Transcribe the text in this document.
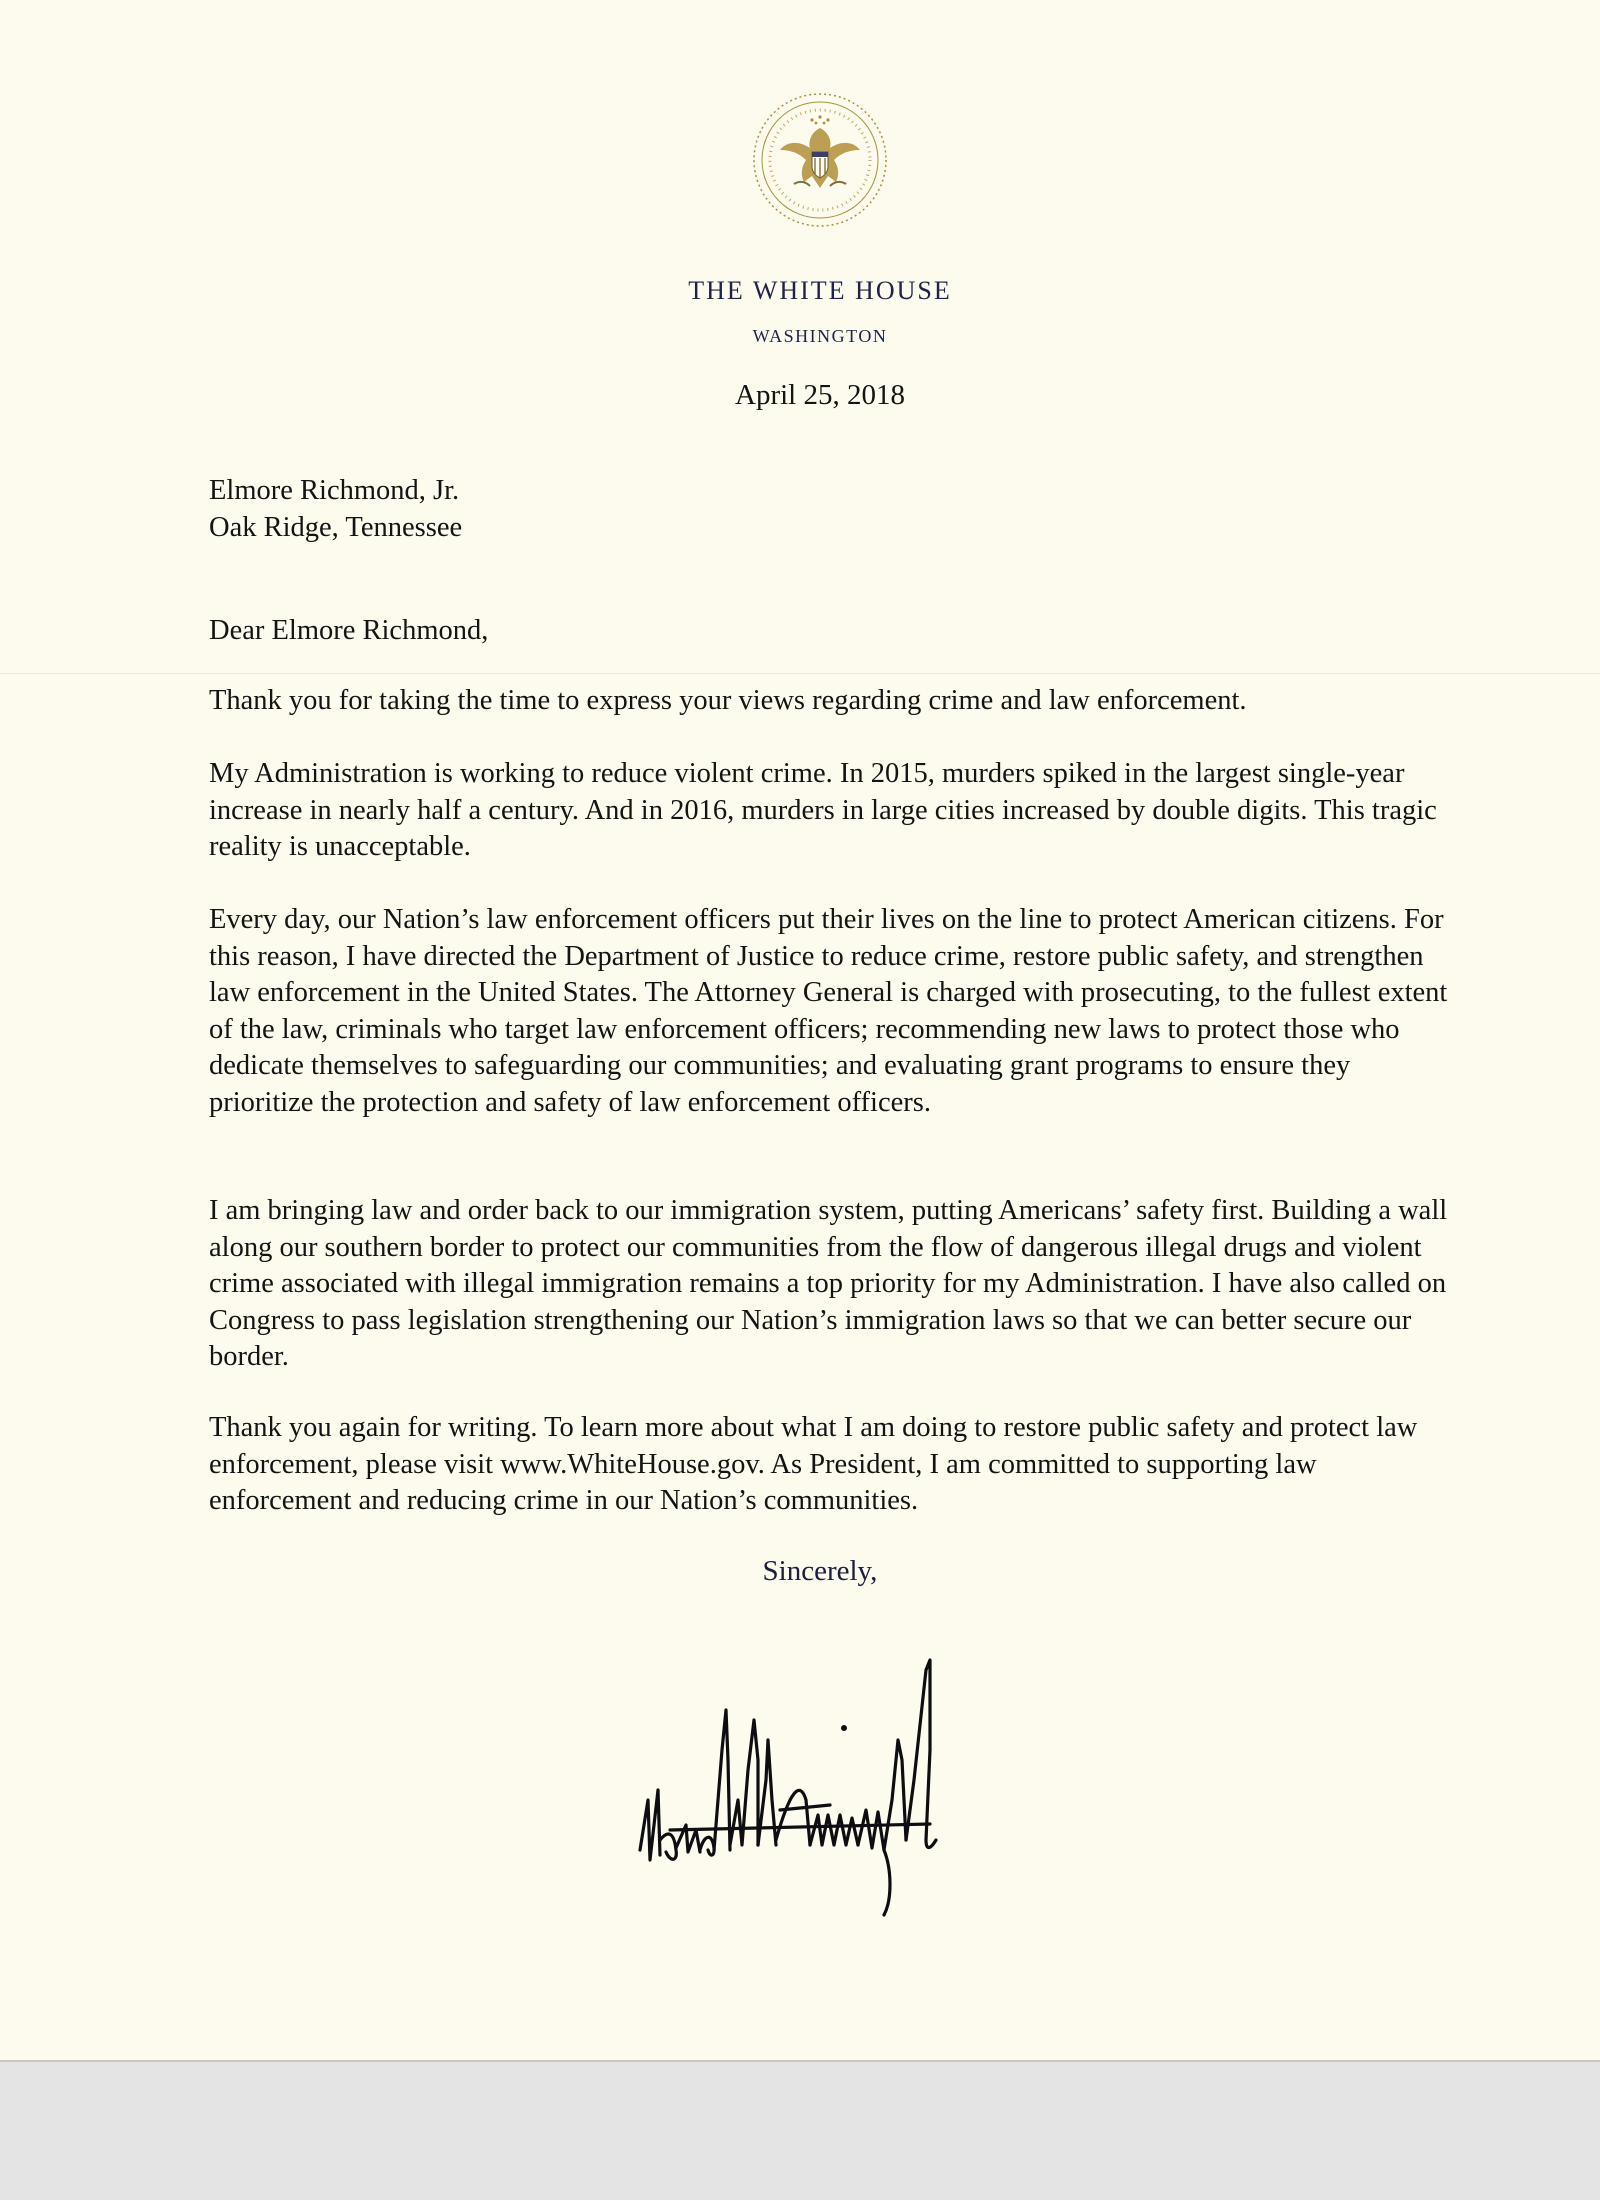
THE WHITE HOUSE
WASHINGTON
April 25, 2018

Elmore Richmond, Jr.

Oak Ridge, Tennessee

Dear Elmore Richmond,
Thank you for taking the time to express your views regarding crime and law enforcement.
My Administration is working to reduce violent crime. In 2015, murders spiked in the largest single-year increase in nearly half a century. And in 2016, murders in large cities increased by double digits. This tragic reality is unacceptable.
Every day, our Nation’s law enforcement officers put their lives on the line to protect American citizens. For this reason, I have directed the Department of Justice to reduce crime, restore public safety, and strengthen law enforcement in the United States. The Attorney General is charged with prosecuting, to the fullest extent of the law, criminals who target law enforcement officers; recommending new laws to protect those who dedicate themselves to safeguarding our communities; and evaluating grant programs to ensure they prioritize the protection and safety of law enforcement officers.
I am bringing law and order back to our immigration system, putting Americans’ safety first. Building a wall along our southern border to protect our communities from the flow of dangerous illegal drugs and violent crime associated with illegal immigration remains a top priority for my Administration. I have also called on Congress to pass legislation strengthening our Nation’s immigration laws so that we can better secure our border.
Thank you again for writing. To learn more about what I am doing to restore public safety and protect law enforcement, please visit www.WhiteHouse.gov. As President, I am committed to supporting law enforcement and reducing crime in our Nation’s communities.
Sincerely,
